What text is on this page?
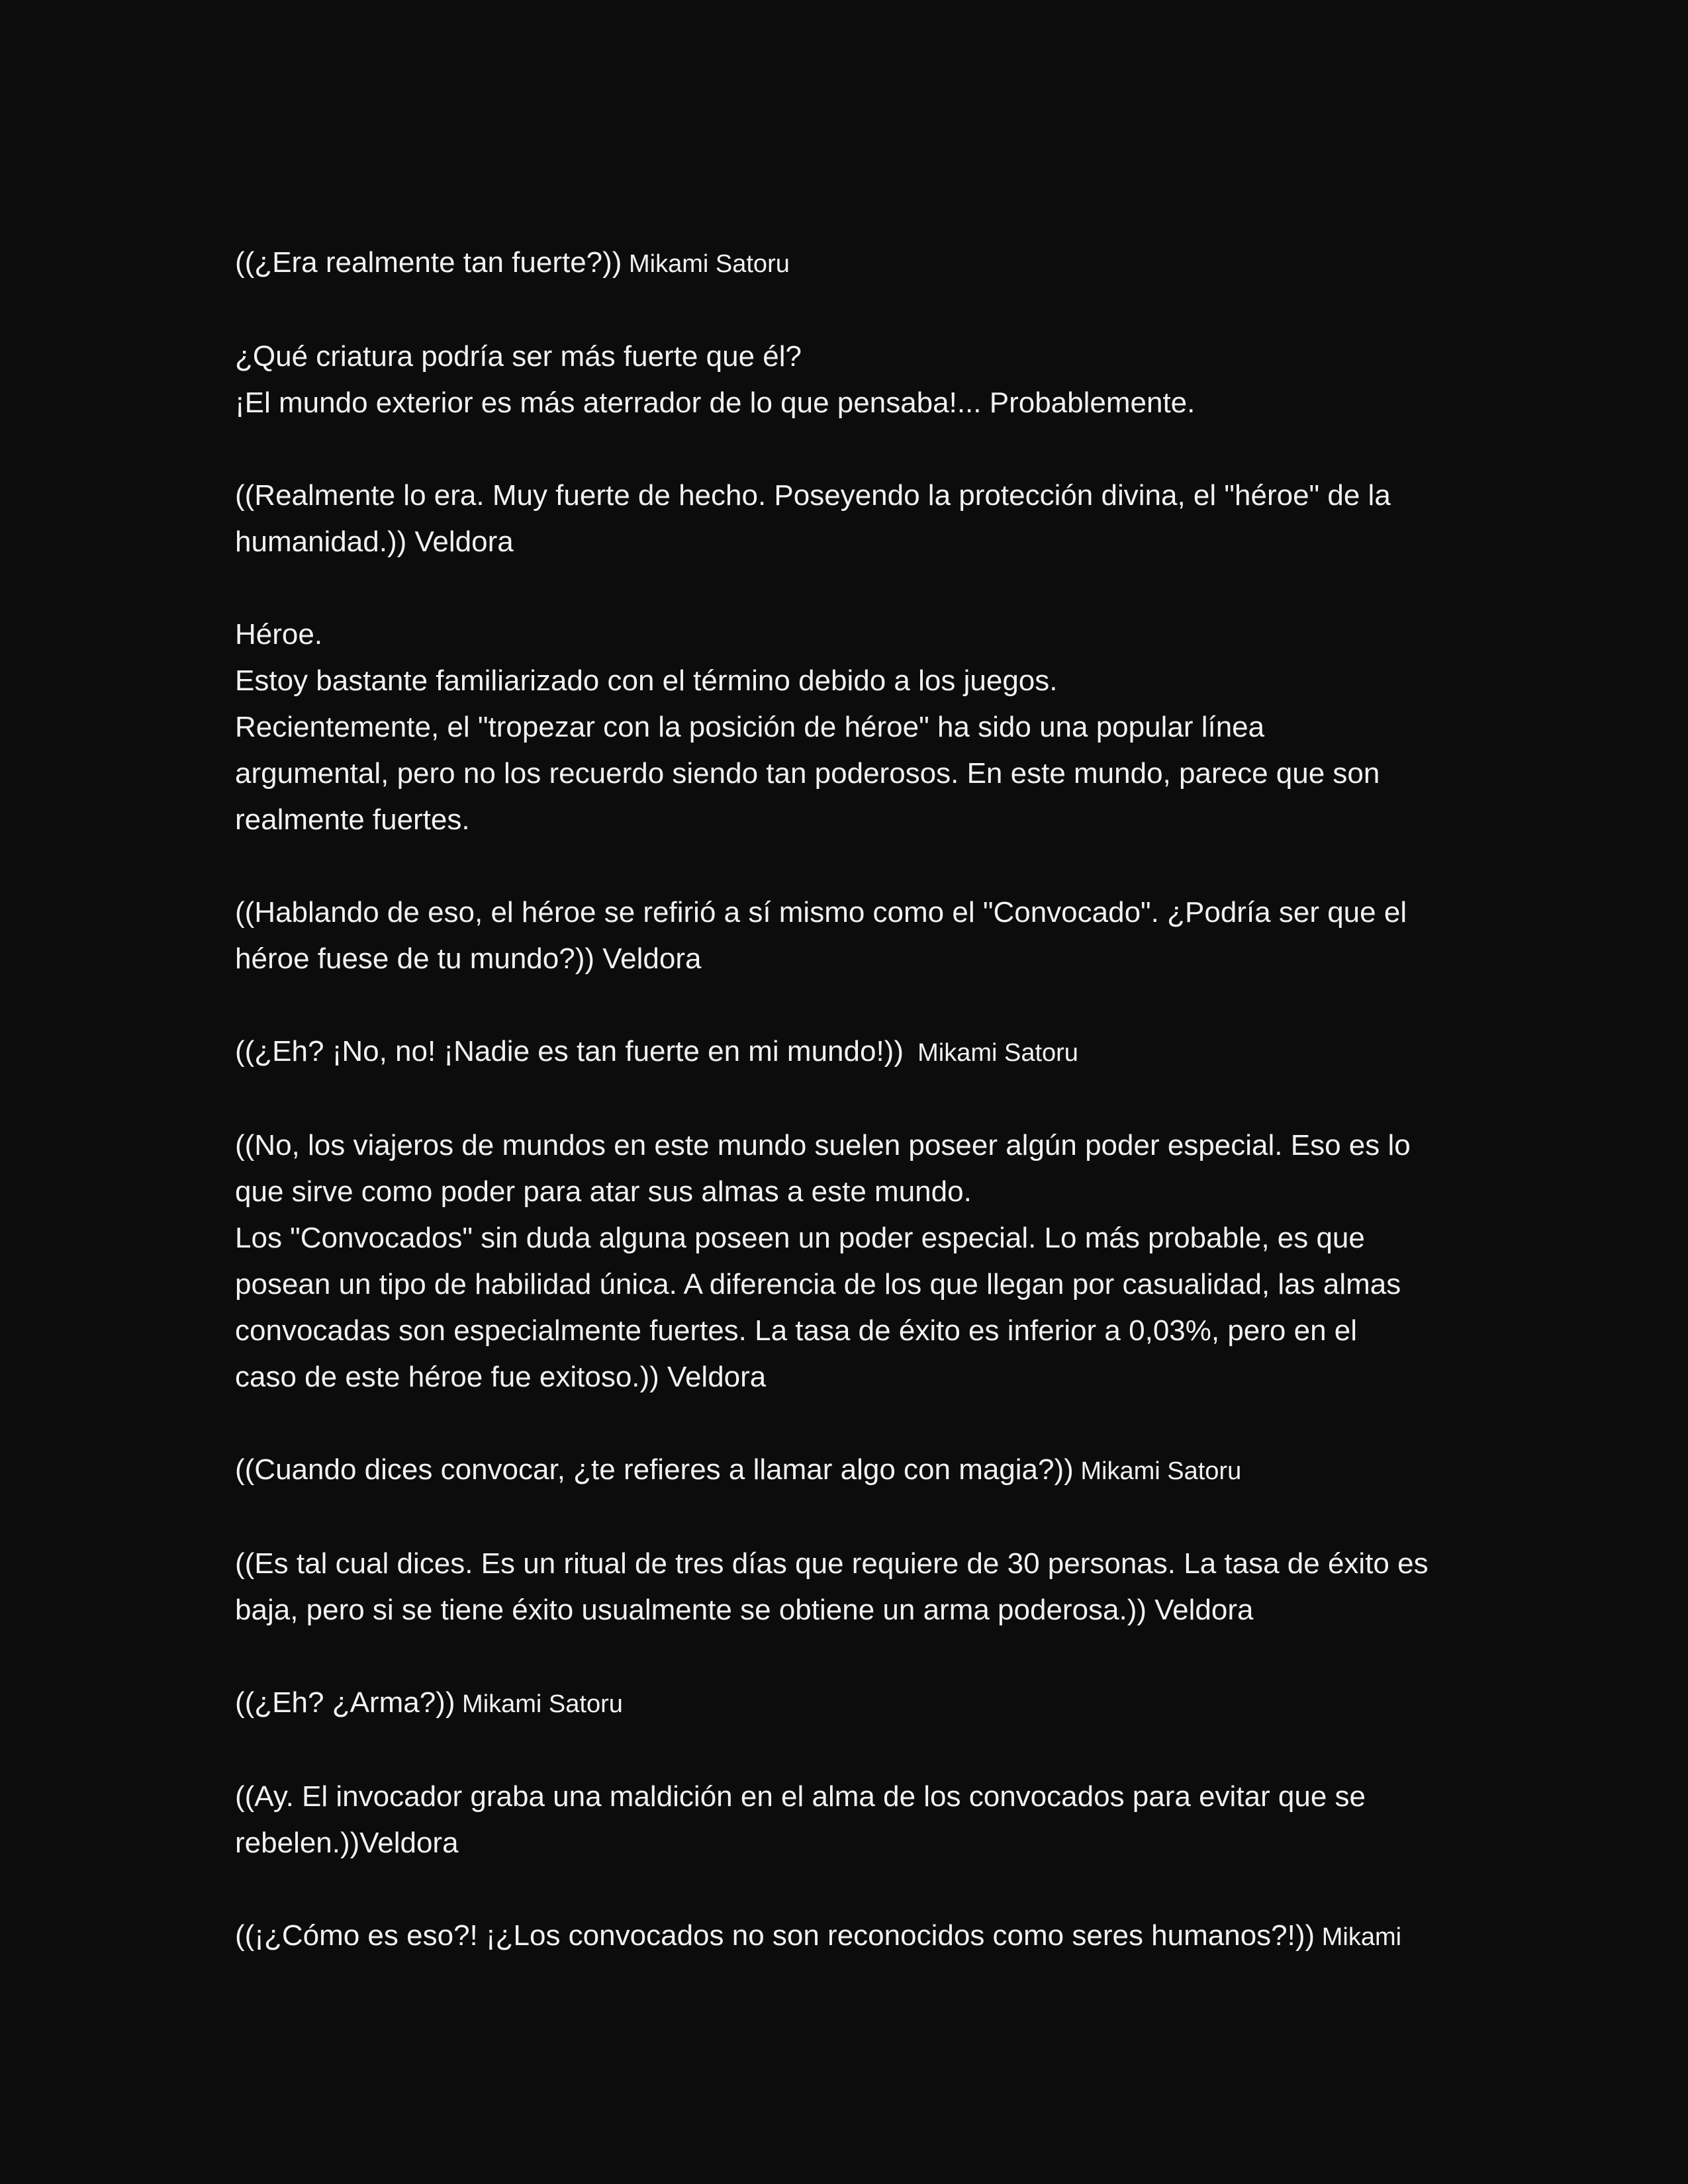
((¿Era realmente tan fuerte?)) Mikami Satoru

¿Qué criatura podría ser más fuerte que él?
¡El mundo exterior es más aterrador de lo que pensaba!... Probablemente.

((Realmente lo era. Muy fuerte de hecho. Poseyendo la protección divina, el "héroe" de la
humanidad.)) Veldora

Héroe.
Estoy bastante familiarizado con el término debido a los juegos.
Recientemente, el "tropezar con la posición de héroe" ha sido una popular línea
argumental, pero no los recuerdo siendo tan poderosos. En este mundo, parece que son
realmente fuertes.

((Hablando de eso, el héroe se refirió a sí mismo como el "Convocado". ¿Podría ser que el
héroe fuese de tu mundo?)) Veldora

((¿Eh? ¡No, no! ¡Nadie es tan fuerte en mi mundo!))  Mikami Satoru

((No, los viajeros de mundos en este mundo suelen poseer algún poder especial. Eso es lo
que sirve como poder para atar sus almas a este mundo.
Los "Convocados" sin duda alguna poseen un poder especial. Lo más probable, es que
posean un tipo de habilidad única. A diferencia de los que llegan por casualidad, las almas
convocadas son especialmente fuertes. La tasa de éxito es inferior a 0,03%, pero en el
caso de este héroe fue exitoso.)) Veldora

((Cuando dices convocar, ¿te refieres a llamar algo con magia?)) Mikami Satoru

((Es tal cual dices. Es un ritual de tres días que requiere de 30 personas. La tasa de éxito es
baja, pero si se tiene éxito usualmente se obtiene un arma poderosa.)) Veldora

((¿Eh? ¿Arma?)) Mikami Satoru

((Ay. El invocador graba una maldición en el alma de los convocados para evitar que se
rebelen.))Veldora

((¡¿Cómo es eso?! ¡¿Los convocados no son reconocidos como seres humanos?!)) Mikami
